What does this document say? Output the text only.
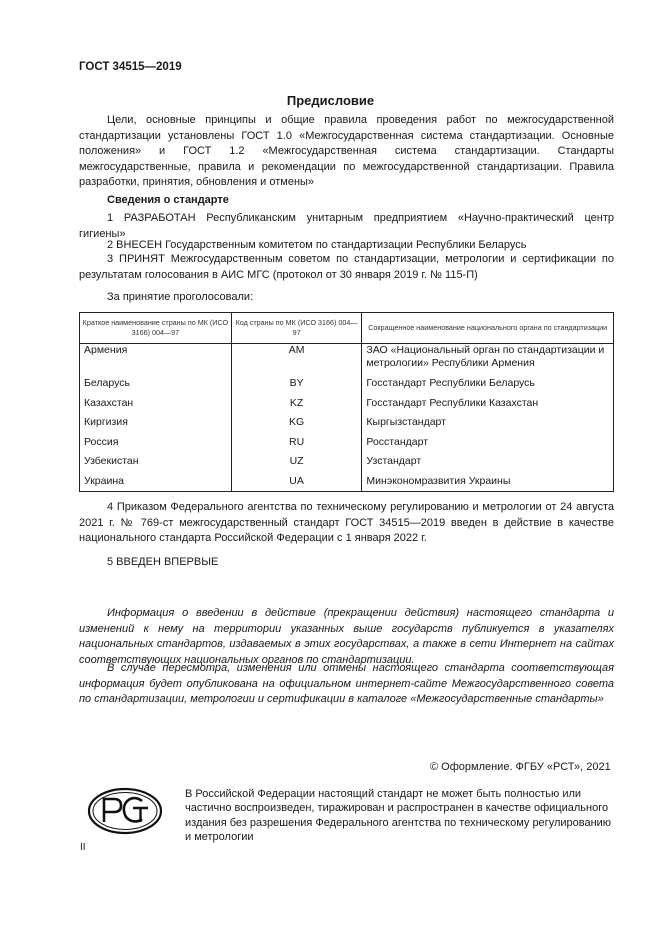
ГОСТ 34515—2019
Предисловие
Цели, основные принципы и общие правила проведения работ по межгосударственной стандартизации установлены ГОСТ 1.0 «Межгосударственная система стандартизации. Основные положения» и ГОСТ 1.2 «Межгосударственная система стандартизации. Стандарты межгосударственные, правила и рекомендации по межгосударственной стандартизации. Правила разработки, принятия, обновления и отмены»
Сведения о стандарте
1 РАЗРАБОТАН Республиканским унитарным предприятием «Научно-практический центр гигиены»
2 ВНЕСЕН Государственным комитетом по стандартизации Республики Беларусь
3 ПРИНЯТ Межгосударственным советом по стандартизации, метрологии и сертификации по результатам голосования в АИС МГС (протокол от 30 января 2019 г. № 115-П)
За принятие проголосовали:
Краткое наименование страны по МК (ИСО 3166) 004—97	Код страны по МК (ИСО 3166) 004—97	Сокращенное наименование национального органа по стандартизации
Армения	AM	ЗАО «Национальный орган по стандартизации и метрологии» Республики Армения
Беларусь	BY	Госстандарт Республики Беларусь
Казахстан	KZ	Госстандарт Республики Казахстан
Киргизия	KG	Кыргызстандарт
Россия	RU	Росстандарт
Узбекистан	UZ	Узстандарт
Украина	UA	Минэкономразвития Украины
4 Приказом Федерального агентства по техническому регулированию и метрологии от 24 августа 2021 г. № 769-ст межгосударственный стандарт ГОСТ 34515—2019 введен в действие в качестве национального стандарта Российской Федерации с 1 января 2022 г.
5 ВВЕДЕН ВПЕРВЫЕ
Информация о введении в действие (прекращении действия) настоящего стандарта и изменений к нему на территории указанных выше государств публикуется в указателях национальных стандартов, издаваемых в этих государствах, а также в сети Интернет на сайтах соответствующих национальных органов по стандартизации.
В случае пересмотра, изменения или отмены настоящего стандарта соответствующая информация будет опубликована на официальном интернет-сайте Межгосударственного совета по стандартизации, метрологии и сертификации в каталоге «Межгосударственные стандарты»
© Оформление. ФГБУ «РСТ», 2021
В Российской Федерации настоящий стандарт не может быть полностью или частично воспроизведен, тиражирован и распространен в качестве официального издания без разрешения Федерального агентства по техническому регулированию и метрологии
II
